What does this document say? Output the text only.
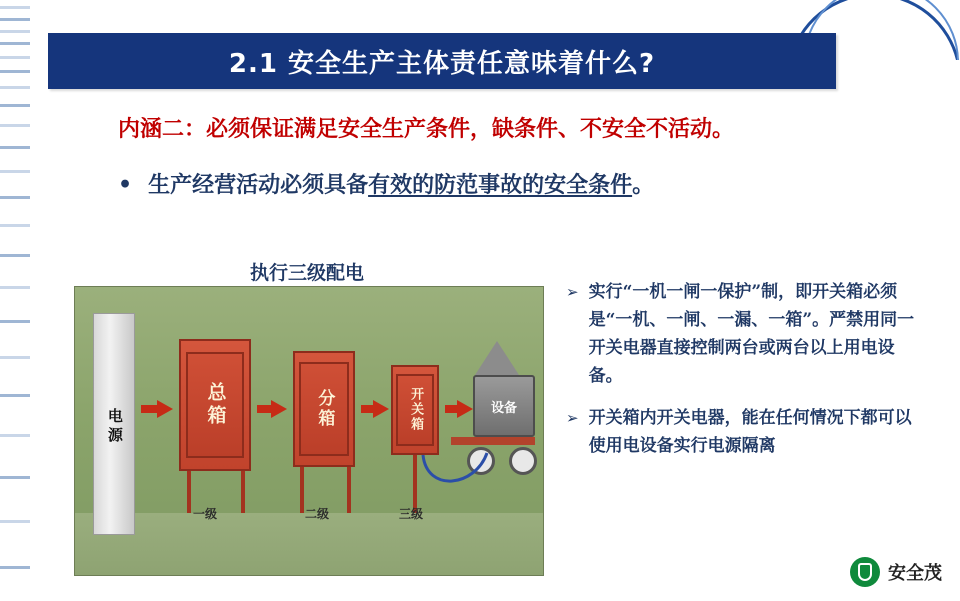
2.1 安全生产主体责任意味着什么?
内涵二：必须保证满足安全生产条件，缺条件、不安全不活动。
• 生产经营活动必须具备 有效的防范事故的安全条件 。
执行三级配电
电源	总箱
一级
分箱
二级
开关箱
三级
设备
➢ 实行“一机一闸一保护”制，即开关箱必须是“一机、一闸、一漏、一箱”。严禁用同一开关电器直接控制两台或两台以上用电设备。
➢ 开关箱内开关电器，能在任何情况下都可以使用电设备实行电源隔离
安全茂
